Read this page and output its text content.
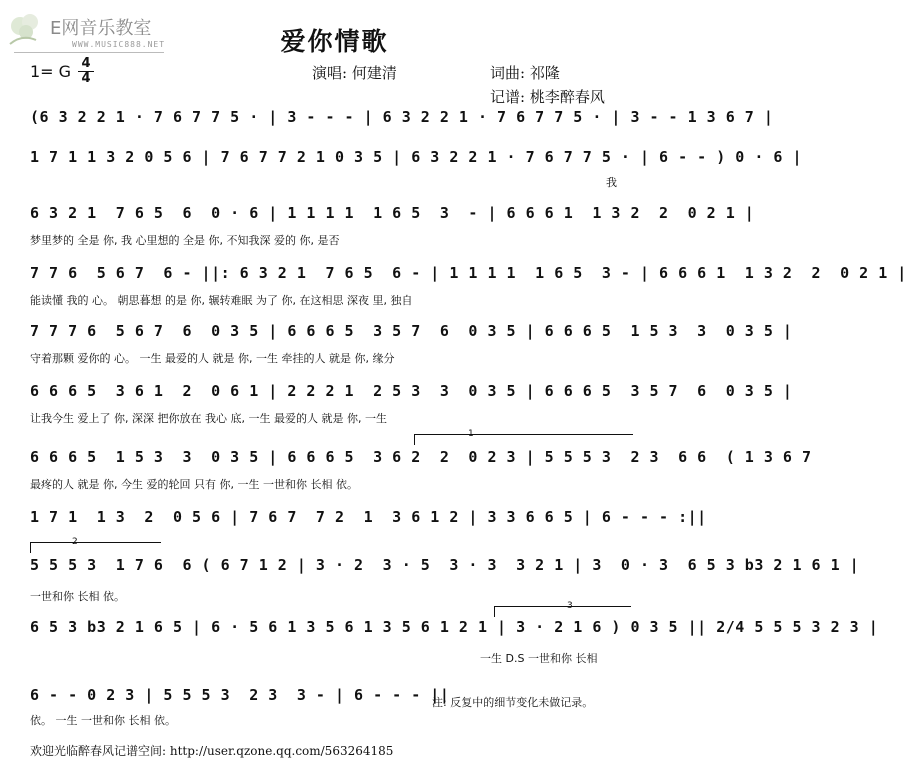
E网音乐教室
WWW.MUSIC888.NET	爱你情歌
1= G 4
4	演唱: 何建清	词曲: 祁隆
记谱: 桃李醉春风
(6 3 2 2 1 · 7 6 7 7 5 · | 3 - - - | 6 3 2 2 1 · 7 6 7 7 5 · | 3 - - 1 3 6 7 |
1 7 1 1 3 2 0 5 6 | 7 6 7 7 2 1 0 3 5 | 6 3 2 2 1 · 7 6 7 7 5 · | 6 - - ) 0 · 6 |
我
6 3 2 1  7 6 5  6  0 · 6 | 1 1 1 1  1 6 5  3  - | 6 6 6 1  1 3 2  2  0 2 1 |
梦里梦的 全是 你, 我 心里想的 全是 你, 不知我深 爱的 你, 是否
7 7 6  5 6 7  6 - ||: 6 3 2 1  7 6 5  6 - | 1 1 1 1  1 6 5  3 - | 6 6 6 1  1 3 2  2  0 2 1 |
能读懂 我的 心。 朝思暮想 的是 你, 辗转难眠 为了 你, 在这相思 深夜 里, 独自
7 7 7 6  5 6 7  6  0 3 5 | 6 6 6 5  3 5 7  6  0 3 5 | 6 6 6 5  1 5 3  3  0 3 5 |
守着那颗 爱你的 心。 一生 最爱的人 就是 你, 一生 牵挂的人 就是 你, 缘分
6 6 6 5  3 6 1  2  0 6 1 | 2 2 2 1  2 5 3  3  0 3 5 | 6 6 6 5  3 5 7  6  0 3 5 |
让我今生 爱上了 你, 深深 把你放在 我心 底, 一生 最爱的人 就是 你, 一生
1
6 6 6 5  1 5 3  3  0 3 5 | 6 6 6 5  3 6 2  2  0 2 3 | 5 5 5 3  2 3  6 6  ( 1 3 6 7
最疼的人 就是 你, 今生 爱的轮回 只有 你, 一生 一世和你 长相 依。
1 7 1  1 3  2  0 5 6 | 7 6 7  7 2  1  3 6 1 2 | 3 3 6 6 5 | 6 - - - :||
2
5 5 5 3  1 7 6  6 ( 6 7 1 2 | 3 · 2  3 · 5  3 · 3  3 2 1 | 3  0 · 3  6 5 3 b3 2 1 6 1 |
一世和你 长相 依。
3
6 5 3 b3 2 1 6 5 | 6 · 5 6 1 3 5 6 1 3 5 6 1 2 1 | 3 · 2 1 6 ) 0 3 5 || 2/4 5 5 5 3 2 3 |
一生 D.S 一世和你 长相
6 - - 0 2 3 | 5 5 5 3  2 3  3 - | 6 - - - ||
依。 一生 一世和你 长相 依。
注: 反复中的细节变化未做记录。
欢迎光临醉春风记谱空间: http://user.qzone.qq.com/563264185
